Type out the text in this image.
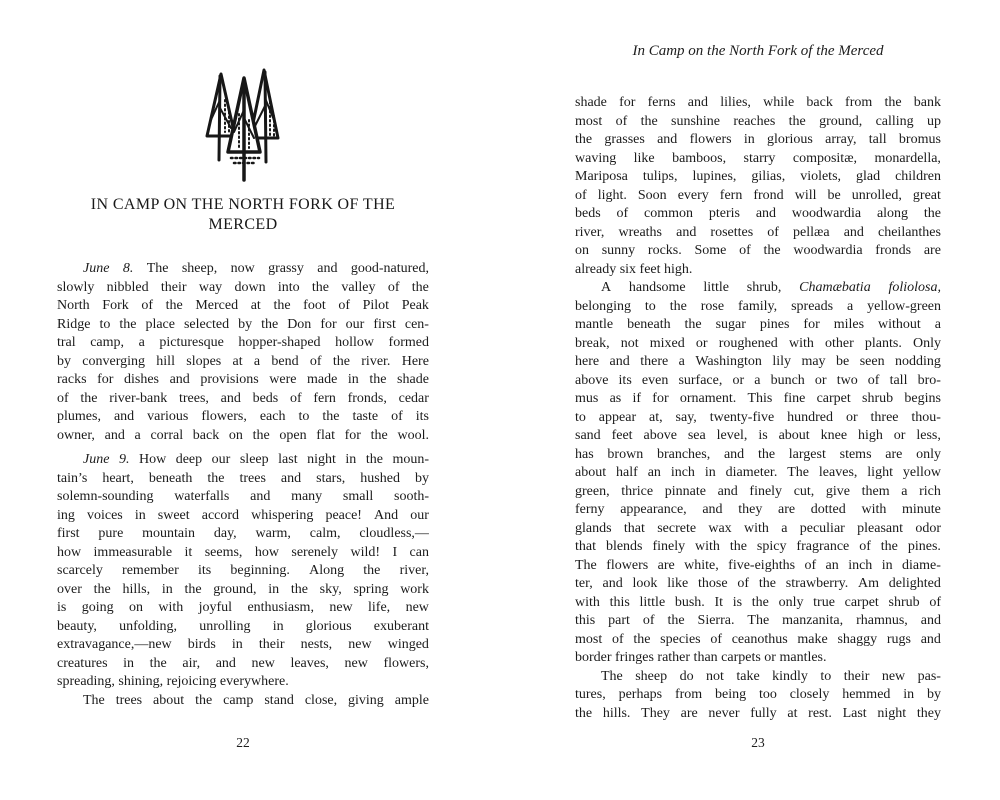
IN CAMP ON THE NORTH FORK OF THE
MERCED
June 8. The sheep, now grassy and good-natured,
slowly nibbled their way down into the valley of the
North Fork of the Merced at the foot of Pilot Peak
Ridge to the place selected by the Don for our first cen-
tral camp, a picturesque hopper-shaped hollow formed
by converging hill slopes at a bend of the river. Here
racks for dishes and provisions were made in the shade
of the river-bank trees, and beds of fern fronds, cedar
plumes, and various flowers, each to the taste of its
owner, and a corral back on the open flat for the wool.
June 9. How deep our sleep last night in the moun-
tain’s heart, beneath the trees and stars, hushed by
solemn-sounding waterfalls and many small sooth-
ing voices in sweet accord whispering peace! And our
first pure mountain day, warm, calm, cloudless,—
how immeasurable it seems, how serenely wild! I can
scarcely remember its beginning. Along the river,
over the hills, in the ground, in the sky, spring work
is going on with joyful enthusiasm, new life, new
beauty, unfolding, unrolling in glorious exuberant
extravagance,—new birds in their nests, new winged
creatures in the air, and new leaves, new flowers,
spreading, shining, rejoicing everywhere.
The trees about the camp stand close, giving ample
22
In Camp on the North Fork of the Merced
shade for ferns and lilies, while back from the bank
most of the sunshine reaches the ground, calling up
the grasses and flowers in glorious array, tall bromus
waving like bamboos, starry compositæ, monardella,
Mariposa tulips, lupines, gilias, violets, glad children
of light. Soon every fern frond will be unrolled, great
beds of common pteris and woodwardia along the
river, wreaths and rosettes of pellæa and cheilanthes
on sunny rocks. Some of the woodwardia fronds are
already six feet high.
A handsome little shrub, Chamæbatia foliolosa,
belonging to the rose family, spreads a yellow-green
mantle beneath the sugar pines for miles without a
break, not mixed or roughened with other plants. Only
here and there a Washington lily may be seen nodding
above its even surface, or a bunch or two of tall bro-
mus as if for ornament. This fine carpet shrub begins
to appear at, say, twenty-five hundred or three thou-
sand feet above sea level, is about knee high or less,
has brown branches, and the largest stems are only
about half an inch in diameter. The leaves, light yellow
green, thrice pinnate and finely cut, give them a rich
ferny appearance, and they are dotted with minute
glands that secrete wax with a peculiar pleasant odor
that blends finely with the spicy fragrance of the pines.
The flowers are white, five-eighths of an inch in diame-
ter, and look like those of the strawberry. Am delighted
with this little bush. It is the only true carpet shrub of
this part of the Sierra. The manzanita, rhamnus, and
most of the species of ceanothus make shaggy rugs and
border fringes rather than carpets or mantles.
The sheep do not take kindly to their new pas-
tures, perhaps from being too closely hemmed in by
the hills. They are never fully at rest. Last night they
23
